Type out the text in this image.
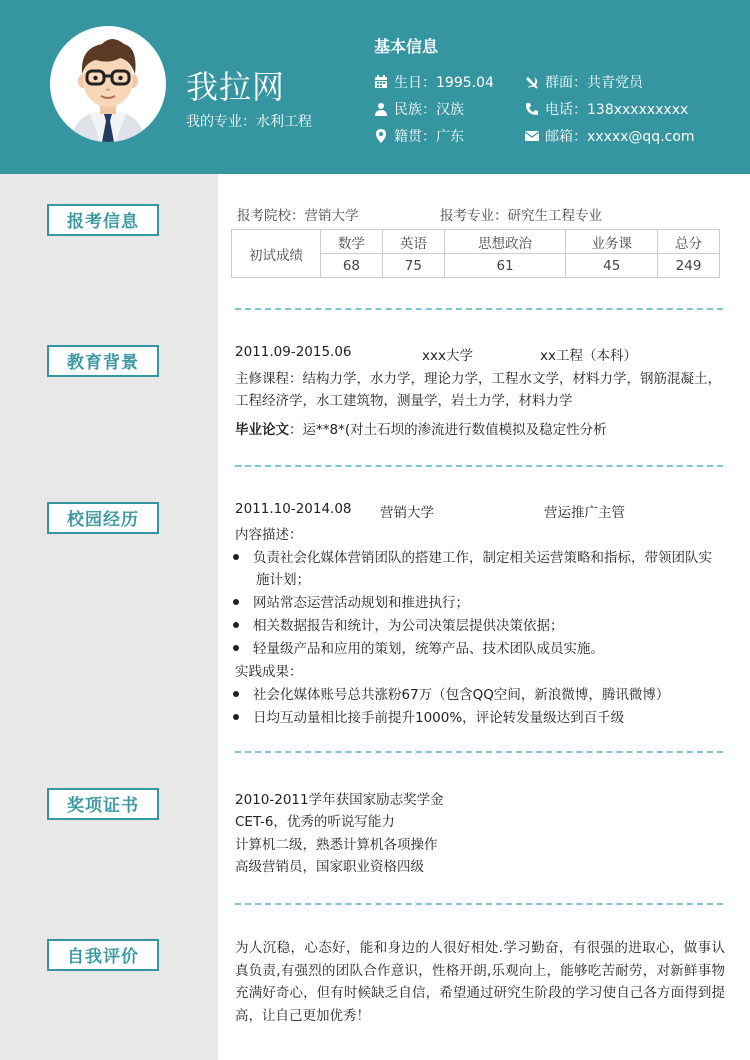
我拉网
我的专业：水利工程
基本信息
生日：1995.04	群面：共青党员
民族：汉族	电话：138xxxxxxxxx
籍贯：广东	邮箱：xxxxx@qq.com
报考信息
教育背景
校园经历
奖项证书
自我评价
报考院校：营销大学	报考专业：研究生工程专业
初试成绩	数学	英语	思想政治	业务课	总分
	68	75	61	45	249
2011.09-2015.06	xxx大学	xx工程（本科）
主修课程：结构力学，水力学，理论力学，工程水文学，材料力学，钢筋混凝土，
工程经济学，水工建筑物，测量学，岩土力学，材料力学
毕业论文：运**8*(对土石坝的渗流进行数值模拟及稳定性分析
2011.10-2014.08 营销大学	营运推广主管
内容描述：
负责社会化媒体营销团队的搭建工作，制定相关运营策略和指标，带领团队实
施计划；
网站常态运营活动规划和推进执行；
相关数据报告和统计，为公司决策层提供决策依据；
轻量级产品和应用的策划，统筹产品、技术团队成员实施。
实践成果：
社会化媒体账号总共涨粉67万（包含QQ空间，新浪微博，腾讯微博）
日均互动量相比接手前提升1000%，评论转发量级达到百千级
2010-2011学年获国家励志奖学金
CET-6，优秀的听说写能力
计算机二级，熟悉计算机各项操作
高级营销员，国家职业资格四级
为人沉稳，心态好，能和身边的人很好相处.学习勤奋，有很强的进取心，做事认真负责,有强烈的团队合作意识，性格开朗,乐观向上，能够吃苦耐劳，对新鲜事物充满好奇心，但有时候缺乏自信，希望通过研究生阶段的学习使自己各方面得到提高，让自己更加优秀！
